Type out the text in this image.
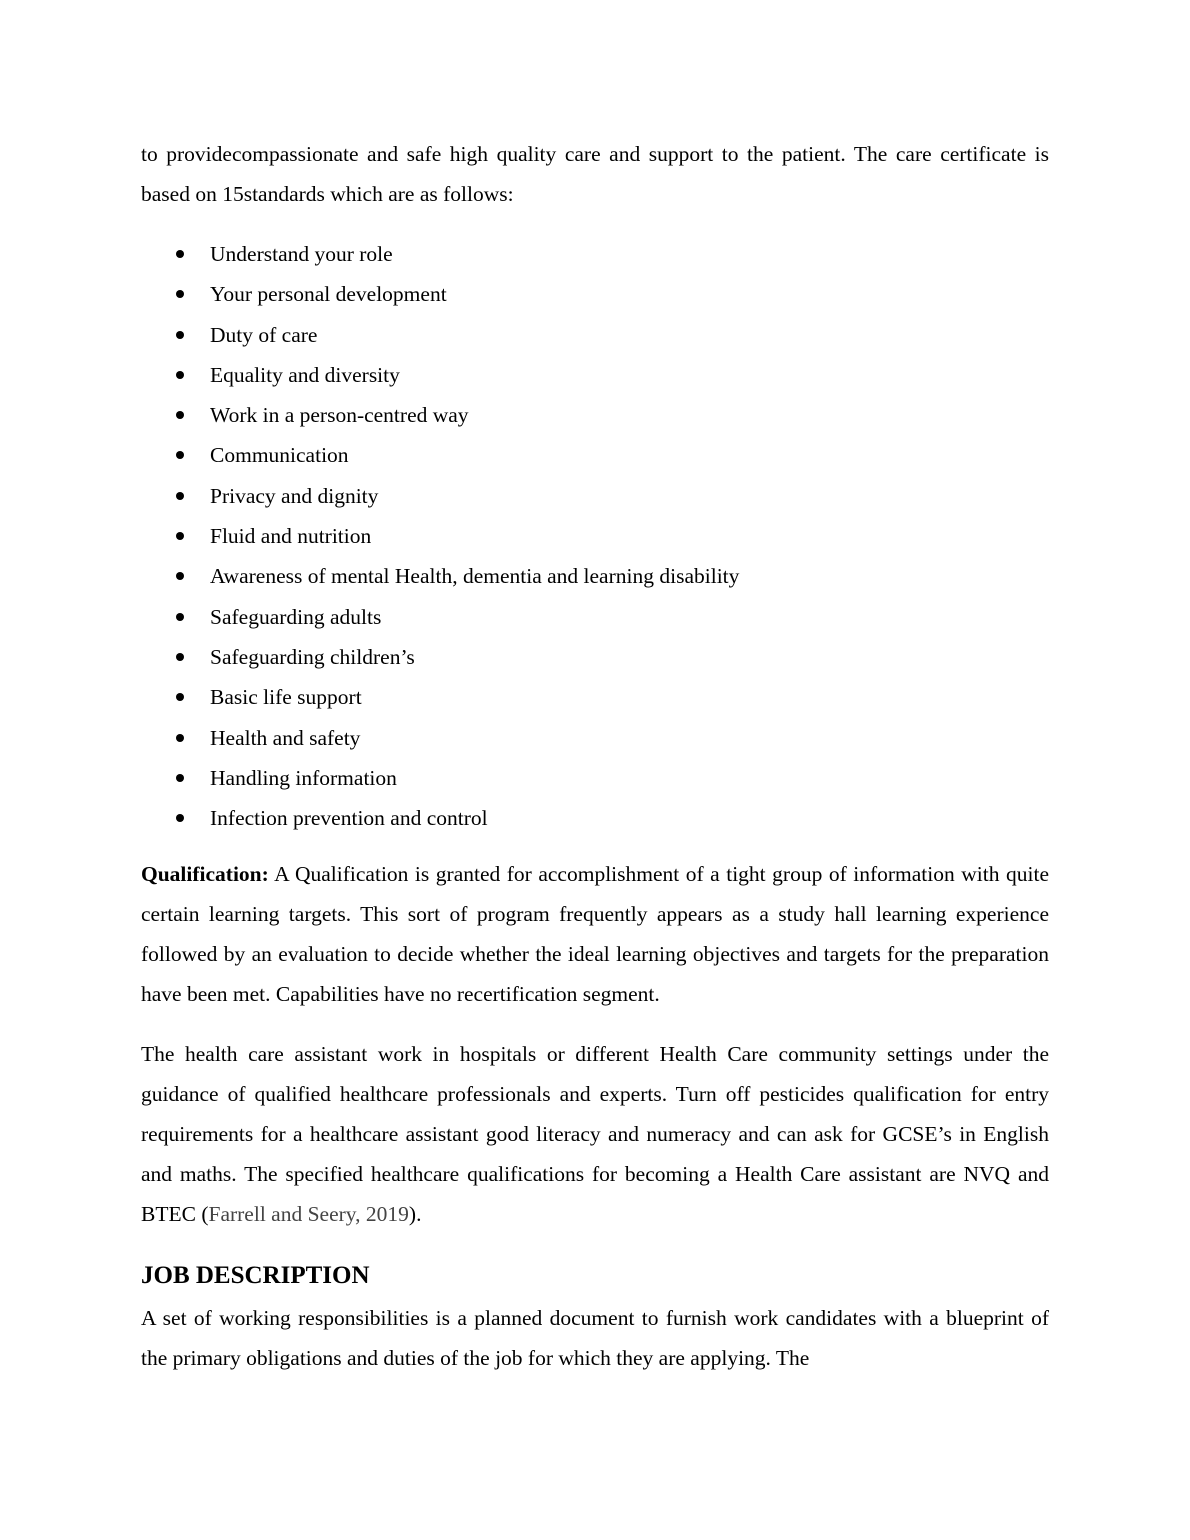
to providecompassionate and safe high quality care and support to the patient. The care certificate is based on 15standards which are as follows:

Understand your role
Your personal development
Duty of care
Equality and diversity
Work in a person-centred way
Communication
Privacy and dignity
Fluid and nutrition
Awareness of mental Health, dementia and learning disability
Safeguarding adults
Safeguarding children’s
Basic life support
Health and safety
Handling information
Infection prevention and control

Qualification: A Qualification is granted for accomplishment of a tight group of information with quite certain learning targets. This sort of program frequently appears as a study hall learning experience followed by an evaluation to decide whether the ideal learning objectives and targets for the preparation have been met. Capabilities have no recertification segment.

The health care assistant work in hospitals or different Health Care community settings under the guidance of qualified healthcare professionals and experts. Turn off pesticides qualification for entry requirements for a healthcare assistant good literacy and numeracy and can ask for GCSE’s in English and maths. The specified healthcare qualifications for becoming a Health Care assistant are NVQ and BTEC (Farrell and Seery, 2019).

JOB DESCRIPTION

A set of working responsibilities is a planned document to furnish work candidates with a blueprint of the primary obligations and duties of the job for which they are applying. The
